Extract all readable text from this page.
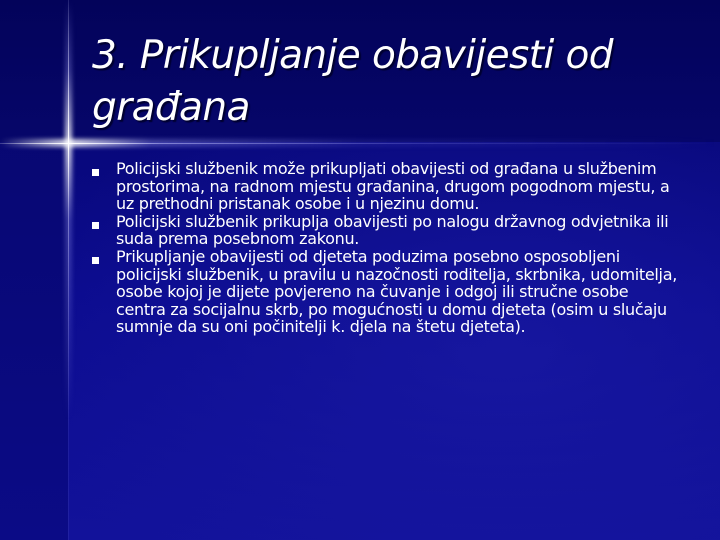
3. Prikupljanje obavijesti od građana
Policijski službenik može prikupljati obavijesti od građana u službenim prostorima, na radnom mjestu građanina, drugom pogodnom mjestu, a uz prethodni pristanak osobe i u njezinu domu.
Policijski službenik prikuplja obavijesti po nalogu državnog odvjetnika ili suda prema posebnom zakonu.
Prikupljanje obavijesti od djeteta poduzima posebno osposobljeni policijski službenik, u pravilu u nazočnosti roditelja, skrbnika, udomitelja, osobe kojoj je dijete povjereno na čuvanje i odgoj ili stručne osobe centra za socijalnu skrb, po mogućnosti u domu djeteta (osim u slučaju sumnje da su oni počinitelji k. djela na štetu djeteta).
